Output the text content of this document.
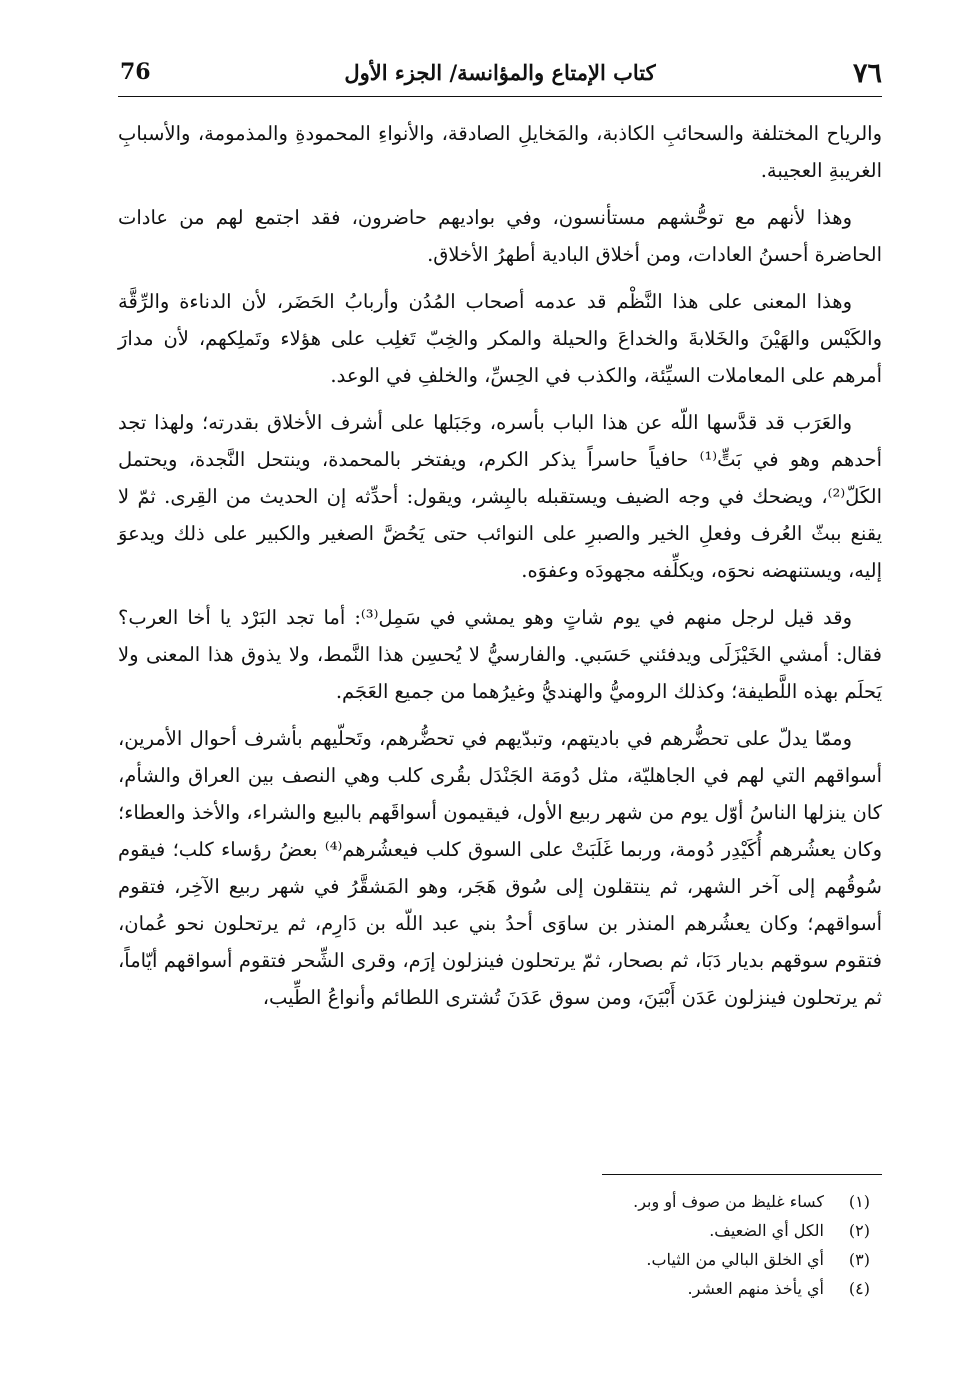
٧٦
كتاب الإمتاع والمؤانسة/ الجزء الأول
76

والرياح المختلفة والسحائبِ الكاذبة، والمَخايلِ الصادقة، والأنواءِ المحمودةِ والمذمومة، والأسبابِ الغريبةِ العجيبة.

وهذا لأنهم مع توحُّشهم مستأنسون، وفي بواديهم حاضرون، فقد اجتمع لهم من عادات الحاضرة أحسنُ العادات، ومن أخلاق البادية أطهرُ الأخلاق.

وهذا المعنى على هذا النَّظْم قد عدمه أصحاب المُدُن وأربابُ الحَضَر، لأن الدناءة والرِّقَّة والكَيْس والهَيْنَ والخَلابةَ والخداعَ والحيلة والمكر والخِبّ تَغلِب على هؤلاء وتَملِكهم، لأن مدارَ أمرهم على المعاملات السيِّئة، والكذب في الحِسِّ، والخلفِ في الوعد.

والعَرَب قد قدَّسها اللّه عن هذا الباب بأسره، وجَبَلها على أشرف الأخلاق بقدرته؛ ولهذا تجد أحدهم وهو في بَتٍّ⁽¹⁾ حافياً حاسراً يذكر الكرم، ويفتخر بالمحمدة، وينتحل النَّجدة، ويحتمل الكَلّ⁽²⁾، ويضحك في وجه الضيف ويستقبله بالبِشر، ويقول: أحدِّثه إن الحديث من القِرى. ثمّ لا يقنع ببثّ العُرف وفعلِ الخير والصبرِ على النوائب حتى يَحُضَّ الصغير والكبير على ذلك ويدعوَ إليه، ويستنهضه نحوَه، ويكلِّفه مجهودَه وعفوَه.

وقد قيل لرجل منهم في يوم شاتٍ وهو يمشي في سَمِل⁽³⁾: أما تجد البَرْد يا أخا العرب؟ فقال: أمشي الخَيْزَلَى ويدفئني حَسَبي. والفارسيُّ لا يُحسِن هذا النَّمط، ولا يذوق هذا المعنى ولا يَحلَم بهذه اللَّطيفة؛ وكذلك الروميُّ والهنديُّ وغيرُهما من جميع العَجَم.

وممّا يدلّ على تحضُّرهم في باديتهم، وتبدّيهم في تحضُّرهم، وتَحلّيهم بأشرف أحوال الأمرين، أسواقهم التي لهم في الجاهليّة، مثل دُومَة الجَنْدَل بقُرى كلب وهي النصف بين العراق والشأم، كان ينزلها الناسُ أوّل يوم من شهر ربيع الأول، فيقيمون أسواقَهم بالبيع والشراء، والأخذ والعطاء؛ وكان يعشُرهم أُكَيْدِر دُومة، وربما غَلَبَتْ على السوق كلب فيعشُرهم⁽⁴⁾ بعضُ رؤساء كلب؛ فيقوم سُوقُهم إلى آخر الشهر، ثم ينتقلون إلى سُوق هَجَر، وهو المَشقَّرُ في شهر ربيع الآخِر، فتقوم أسواقهم؛ وكان يعشُرهم المنذر بن ساوَى أحدُ بني عبد اللّه بن دَارِم، ثم يرتحلون نحو عُمان، فتقوم سوقهم بديار دَبَا، ثم بصحار، ثمّ يرتحلون فينزلون إرَم، وقرى الشِّحر فتقوم أسواقهم أيّاماً، ثم يرتحلون فينزلون عَدَن أَبْيَنَ، ومن سوق عَدَنَ تُشترى اللطائم وأنواعُ الطِّيب،

(١)
كساء غليظ من صوف أو وبر.
(٢)
الكل أي الضعيف.
(٣)
أي الخلق البالي من الثياب.
(٤)
أي يأخذ منهم العشر.
